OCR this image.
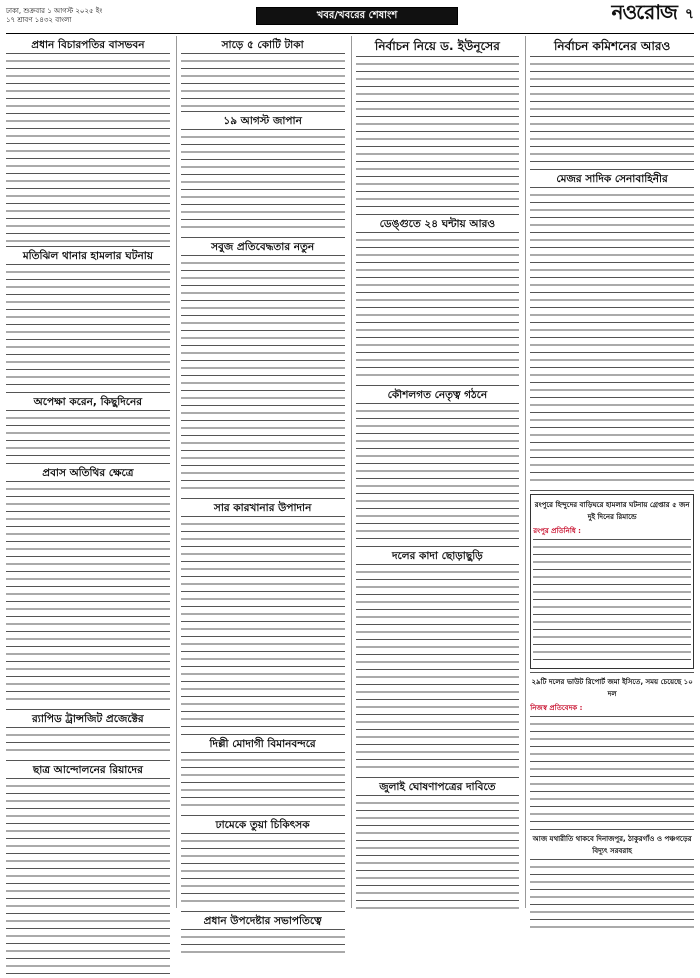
ঢাকা, শুক্রবার ১ আগস্ট ২০২৫ ইং
১৭ শ্রাবণ ১৪৩২ বাংলা	খবর/খবরের শেষাংশ	নওরোজ ৭
প্রধান বিচারপতির বাসভবন
মতিঝিল থানার হামলার ঘটনায়
অপেক্ষা করেন, কিছুদিনের
প্রবাস অতিথির ক্ষেত্রে
র‍্যাপিড ট্রান্সজিট প্রজেক্টের
ছাত্র আন্দোলনের রিয়াদের
সাড়ে ৫ কোটি টাকা
১৯ আগস্ট জাপান
সবুজ প্রতিবেদ্ধতার নতুন
সার কারখানার উপাদান
দিল্লী মোদাগী বিমানবন্দরে
ঢামেকে তুয়া চিকিৎসক
প্রধান উপদেষ্টার সভাপতিত্বে
নির্বাচন নিয়ে ড. ইউনূসের
ডেঙ্গুতে ২৪ ঘন্টায় আরও
কৌশলগত নেতৃত্ব গঠনে
দলের কাদা ছোড়াছুড়ি
জুলাই ঘোষণাপত্রের দাবিতে
নির্বাচন কমিশনের আরও
মেজর সাদিক সেনাবাহিনীর
রংপুরে হিন্দুদের বাড়িঘরে হামলার ঘটনায় গ্রেপ্তার ৫ জন দুই দিনের রিমান্ডে
রংপুর প্রতিনিধি :
২৯টি দলের ভাউট রিপোর্ট জমা ইসিতে, সময় চেয়েছে ১০ দল
নিজস্ব প্রতিবেদক :
আজ যথারীতি থাকবে দিনাজপুর, ঠাকুরগাঁও ও পঞ্চগড়ের বিদ্যুৎ সরবরাহ
